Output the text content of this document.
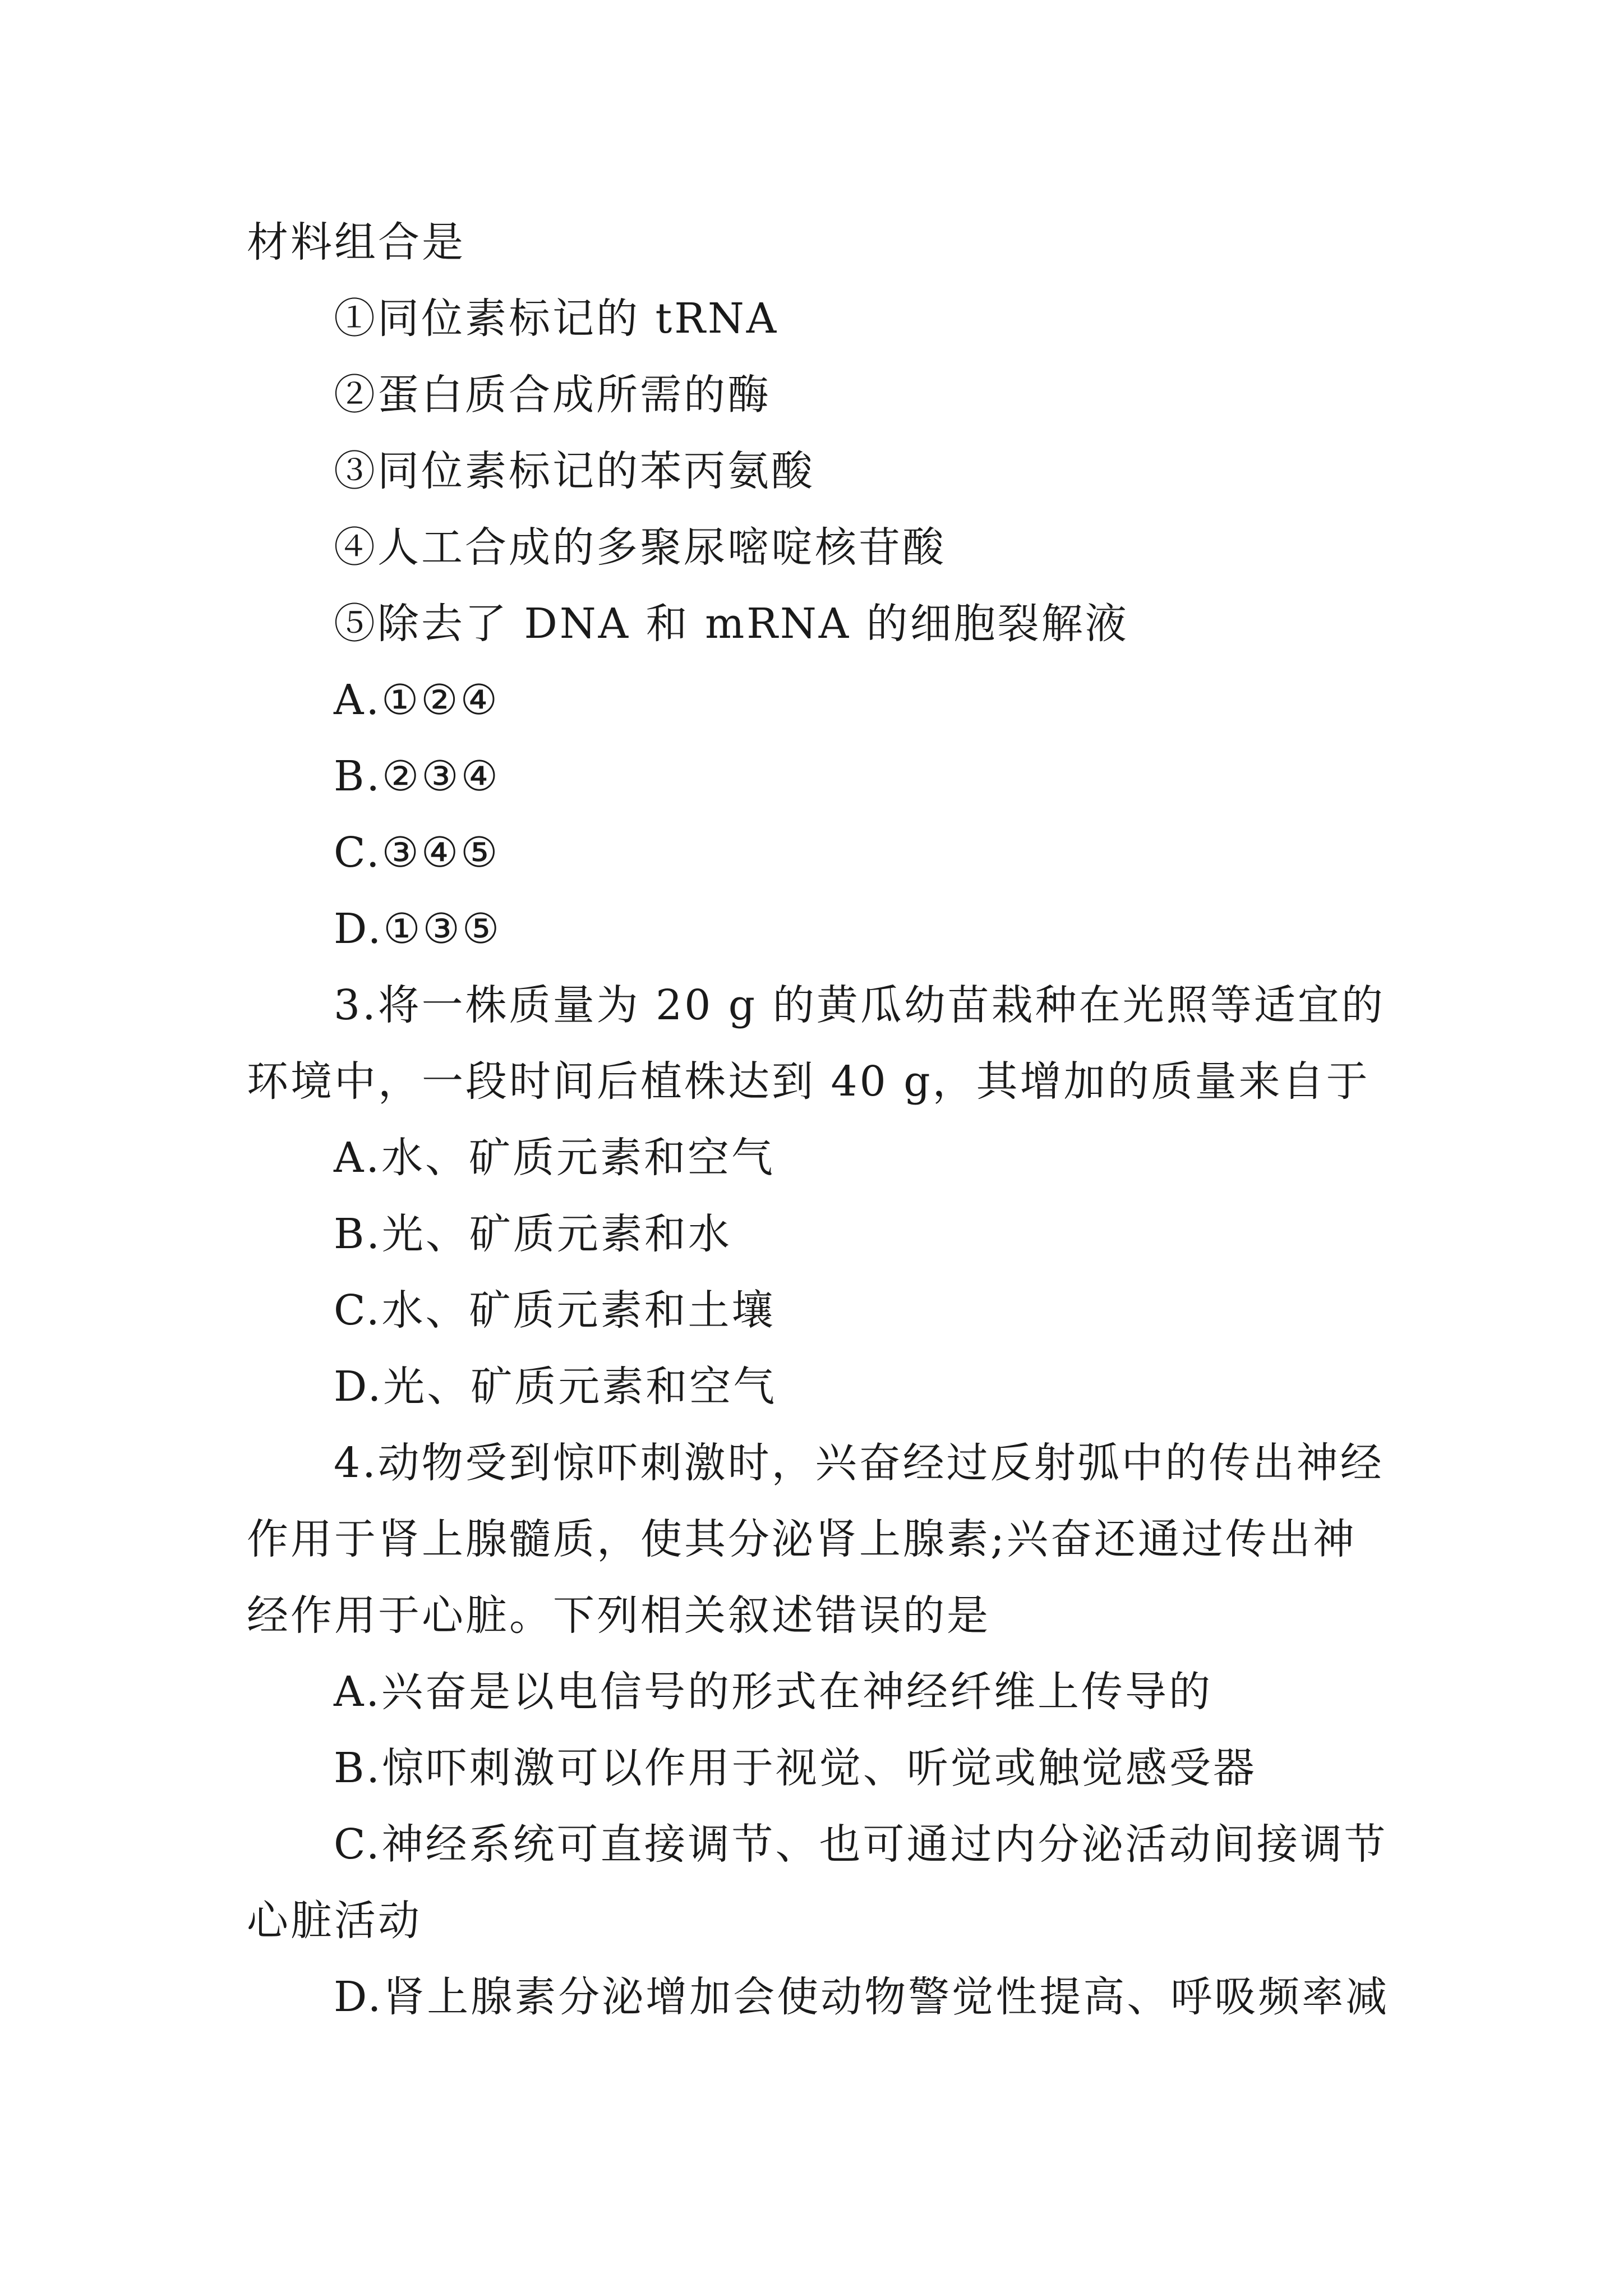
材料组合是
①同位素标记的 tRNA
②蛋白质合成所需的酶
③同位素标记的苯丙氨酸
④人工合成的多聚尿嘧啶核苷酸
⑤除去了 DNA 和 mRNA 的细胞裂解液
A.①②④
B.②③④
C.③④⑤
D.①③⑤
3.将一株质量为 20 g 的黄瓜幼苗栽种在光照等适宜的
环境中，一段时间后植株达到 40 g，其增加的质量来自于
A.水、矿质元素和空气
B.光、矿质元素和水
C.水、矿质元素和土壤
D.光、矿质元素和空气
4.动物受到惊吓刺激时，兴奋经过反射弧中的传出神经
作用于肾上腺髓质，使其分泌肾上腺素;兴奋还通过传出神
经作用于心脏。下列相关叙述错误的是
A.兴奋是以电信号的形式在神经纤维上传导的
B.惊吓刺激可以作用于视觉、听觉或触觉感受器
C.神经系统可直接调节、也可通过内分泌活动间接调节
心脏活动
D.肾上腺素分泌增加会使动物警觉性提高、呼吸频率减
